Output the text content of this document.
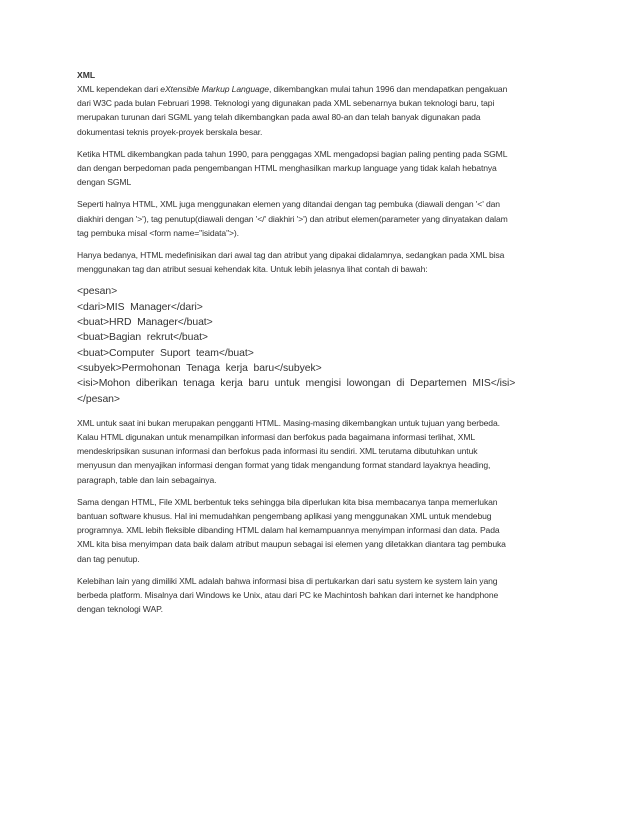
XML

XML kependekan dari eXtensible Markup Language, dikembangkan mulai tahun 1996 dan mendapatkan pengakuan
dari W3C pada bulan Februari 1998. Teknologi yang digunakan pada XML sebenarnya bukan teknologi baru, tapi
merupakan turunan dari SGML yang telah dikembangkan pada awal 80-an dan telah banyak digunakan pada
dokumentasi teknis proyek-proyek berskala besar.

Ketika HTML dikembangkan pada tahun 1990, para penggagas XML mengadopsi bagian paling penting pada SGML
dan dengan berpedoman pada pengembangan HTML menghasilkan markup language yang tidak kalah hebatnya
dengan SGML

Seperti halnya HTML, XML juga menggunakan elemen yang ditandai dengan tag pembuka (diawali dengan '<' dan
diakhiri dengan '>'), tag penutup(diawali dengan '</' diakhiri '>') dan atribut elemen(parameter yang dinyatakan dalam
tag pembuka misal <form name="isidata">).

Hanya bedanya, HTML medefinisikan dari awal tag dan atribut yang dipakai didalamnya, sedangkan pada XML bisa
menggunakan tag dan atribut sesuai kehendak kita. Untuk lebih jelasnya lihat contah di bawah:

<pesan>
<dari>MIS  Manager</dari>
<buat>HRD  Manager</buat>
<buat>Bagian  rekrut</buat>
<buat>Computer  Suport  team</buat>
<subyek>Permohonan  Tenaga  kerja  baru</subyek>
<isi>Mohon  diberikan  tenaga  kerja  baru  untuk  mengisi  lowongan  di  Departemen  MIS</isi>
</pesan>

XML untuk saat ini bukan merupakan pengganti HTML. Masing-masing dikembangkan untuk tujuan yang berbeda.
Kalau HTML digunakan untuk menampilkan informasi dan berfokus pada bagaimana informasi terlihat, XML
mendeskripsikan susunan informasi dan berfokus pada informasi itu sendiri. XML terutama dibutuhkan untuk
menyusun dan menyajikan informasi dengan format yang tidak mengandung format standard layaknya heading,
paragraph, table dan lain sebagainya.

Sama dengan HTML, File XML berbentuk teks sehingga bila diperlukan kita bisa membacanya tanpa memerlukan
bantuan software khusus. Hal ini memudahkan pengembang aplikasi yang menggunakan XML untuk mendebug
programnya. XML lebih fleksible dibanding HTML dalam hal kemampuannya menyimpan informasi dan data. Pada
XML kita bisa menyimpan data baik dalam atribut maupun sebagai isi elemen yang diletakkan diantara tag pembuka
dan tag penutup.

Kelebihan lain yang dimiliki XML adalah bahwa informasi bisa di pertukarkan dari satu system ke system lain yang
berbeda platform. Misalnya dari Windows ke Unix, atau dari PC ke Machintosh bahkan dari internet ke handphone
dengan teknologi WAP.
